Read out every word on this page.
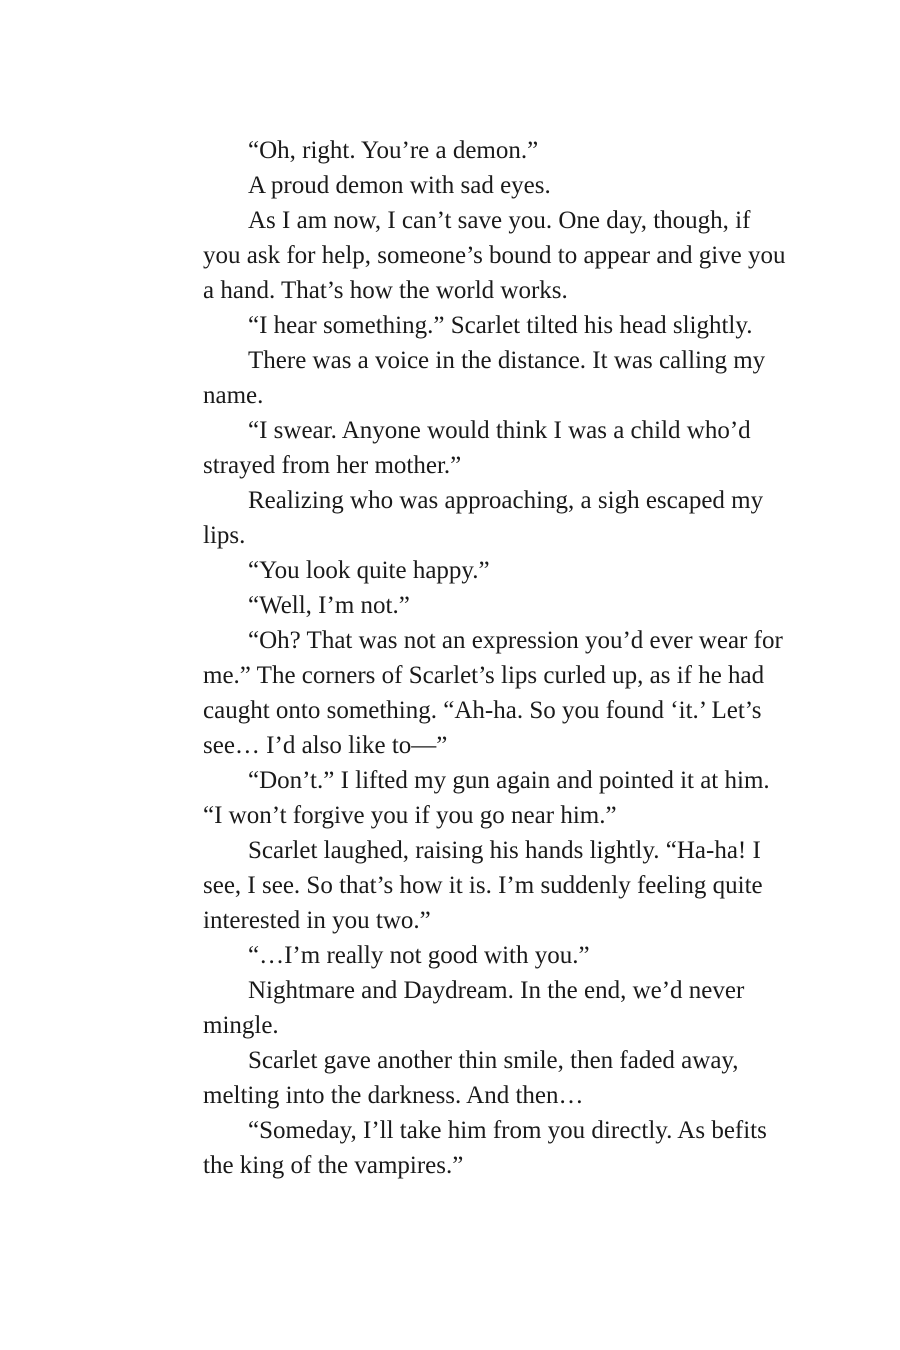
“Oh, right. You’re a demon.”

A proud demon with sad eyes.

As I am now, I can’t save you. One day, though, if you ask for help, someone’s bound to appear and give you a hand. That’s how the world works.

“I hear something.” Scarlet tilted his head slightly.

There was a voice in the distance. It was calling my name.

“I swear. Anyone would think I was a child who’d strayed from her mother.”

Realizing who was approaching, a sigh escaped my lips.

“You look quite happy.”

“Well, I’m not.”

“Oh? That was not an expression you’d ever wear for me.” The corners of Scarlet’s lips curled up, as if he had caught onto something. “Ah-ha. So you found ‘it.’ Let’s see… I’d also like to—”

“Don’t.” I lifted my gun again and pointed it at him. “I won’t forgive you if you go near him.”

Scarlet laughed, raising his hands lightly. “Ha-ha! I see, I see. So that’s how it is. I’m suddenly feeling quite interested in you two.”

“…I’m really not good with you.”

Nightmare and Daydream. In the end, we’d never mingle.

Scarlet gave another thin smile, then faded away, melting into the darkness. And then…

“Someday, I’ll take him from you directly. As befits the king of the vampires.”
